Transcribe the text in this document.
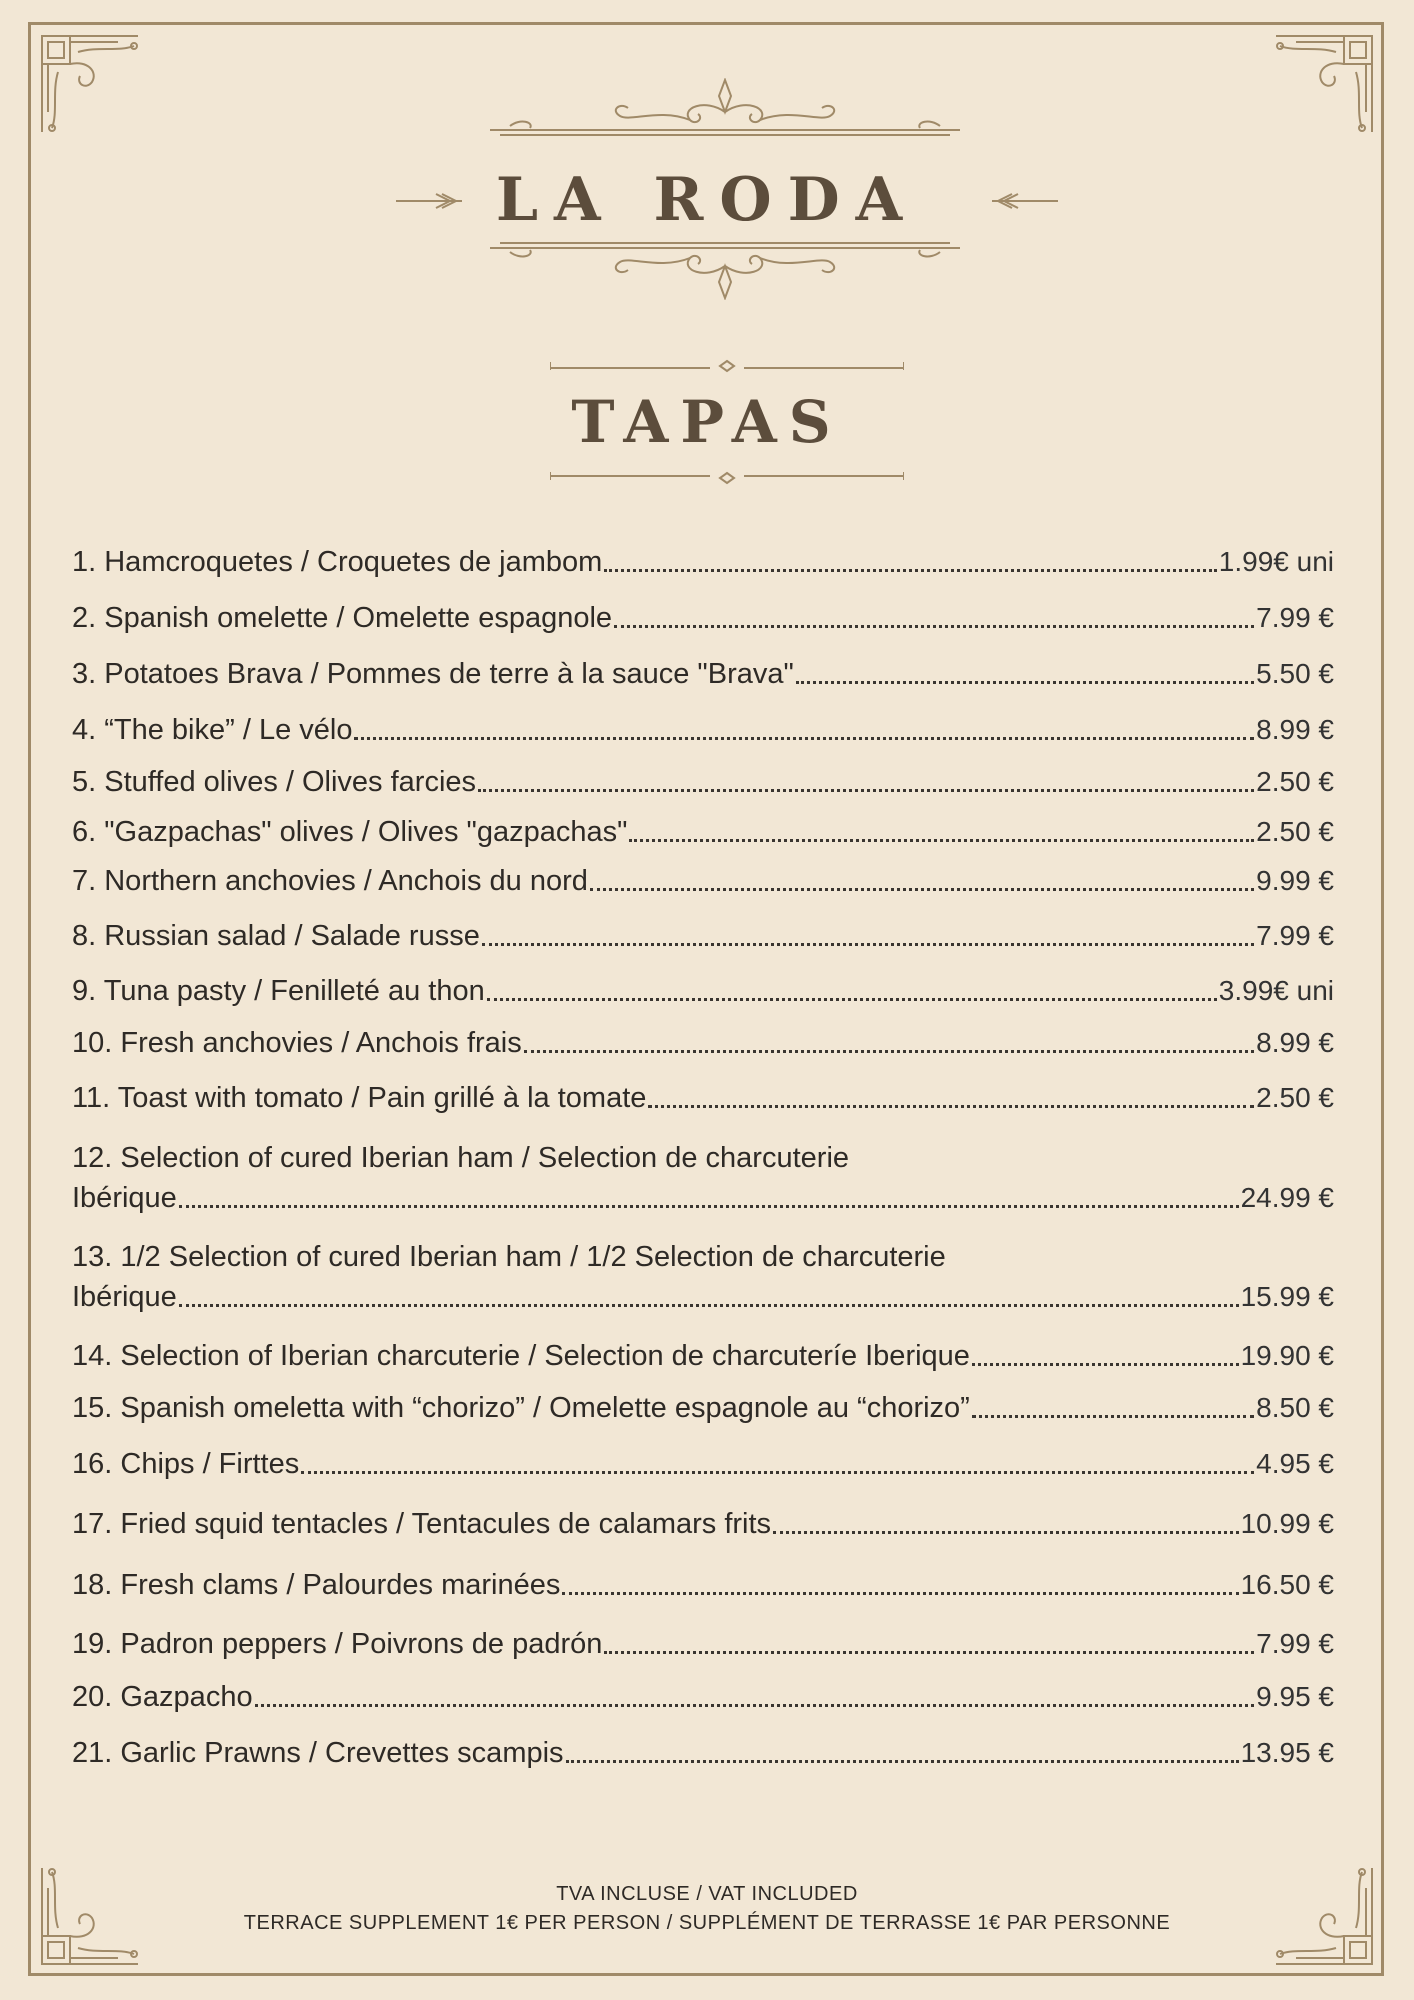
LA RODA
TAPAS
1. Hamcroquetes / Croquetes de jambom	1.99€ uni
2. Spanish omelette / Omelette espagnole	7.99 €
3. Potatoes Brava / Pommes de terre à la sauce "Brava"	5.50 €
4. “The bike” / Le vélo	8.99 €
5. Stuffed olives / Olives farcies	2.50 €
6. "Gazpachas" olives / Olives "gazpachas"	2.50 €
7. Northern anchovies / Anchois du nord	9.99 €
8. Russian salad / Salade russe	7.99 €
9. Tuna pasty / Fenilleté au thon	3.99€ uni
10. Fresh anchovies / Anchois frais	8.99 €
11. Toast with tomato / Pain grillé à la tomate	2.50 €
12. Selection of cured Iberian ham / Selection de charcuterie
Ibérique	24.99 €
13. 1/2 Selection of cured Iberian ham / 1/2 Selection de charcuterie
Ibérique	15.99 €
14. Selection of Iberian charcuterie / Selection de charcuteríe Iberique	19.90 €
15. Spanish omeletta with “chorizo” / Omelette espagnole au “chorizo”	8.50 €
16. Chips / Firttes	4.95 €
17. Fried squid tentacles / Tentacules de calamars frits	10.99 €
18. Fresh clams / Palourdes marinées	16.50 €
19. Padron peppers / Poivrons de padrón	7.99 €
20. Gazpacho	9.95 €
21. Garlic Prawns / Crevettes scampis	13.95 €
TVA INCLUSE / VAT INCLUDED
TERRACE SUPPLEMENT 1€ PER PERSON / SUPPLÉMENT DE TERRASSE 1€ PAR PERSONNE
